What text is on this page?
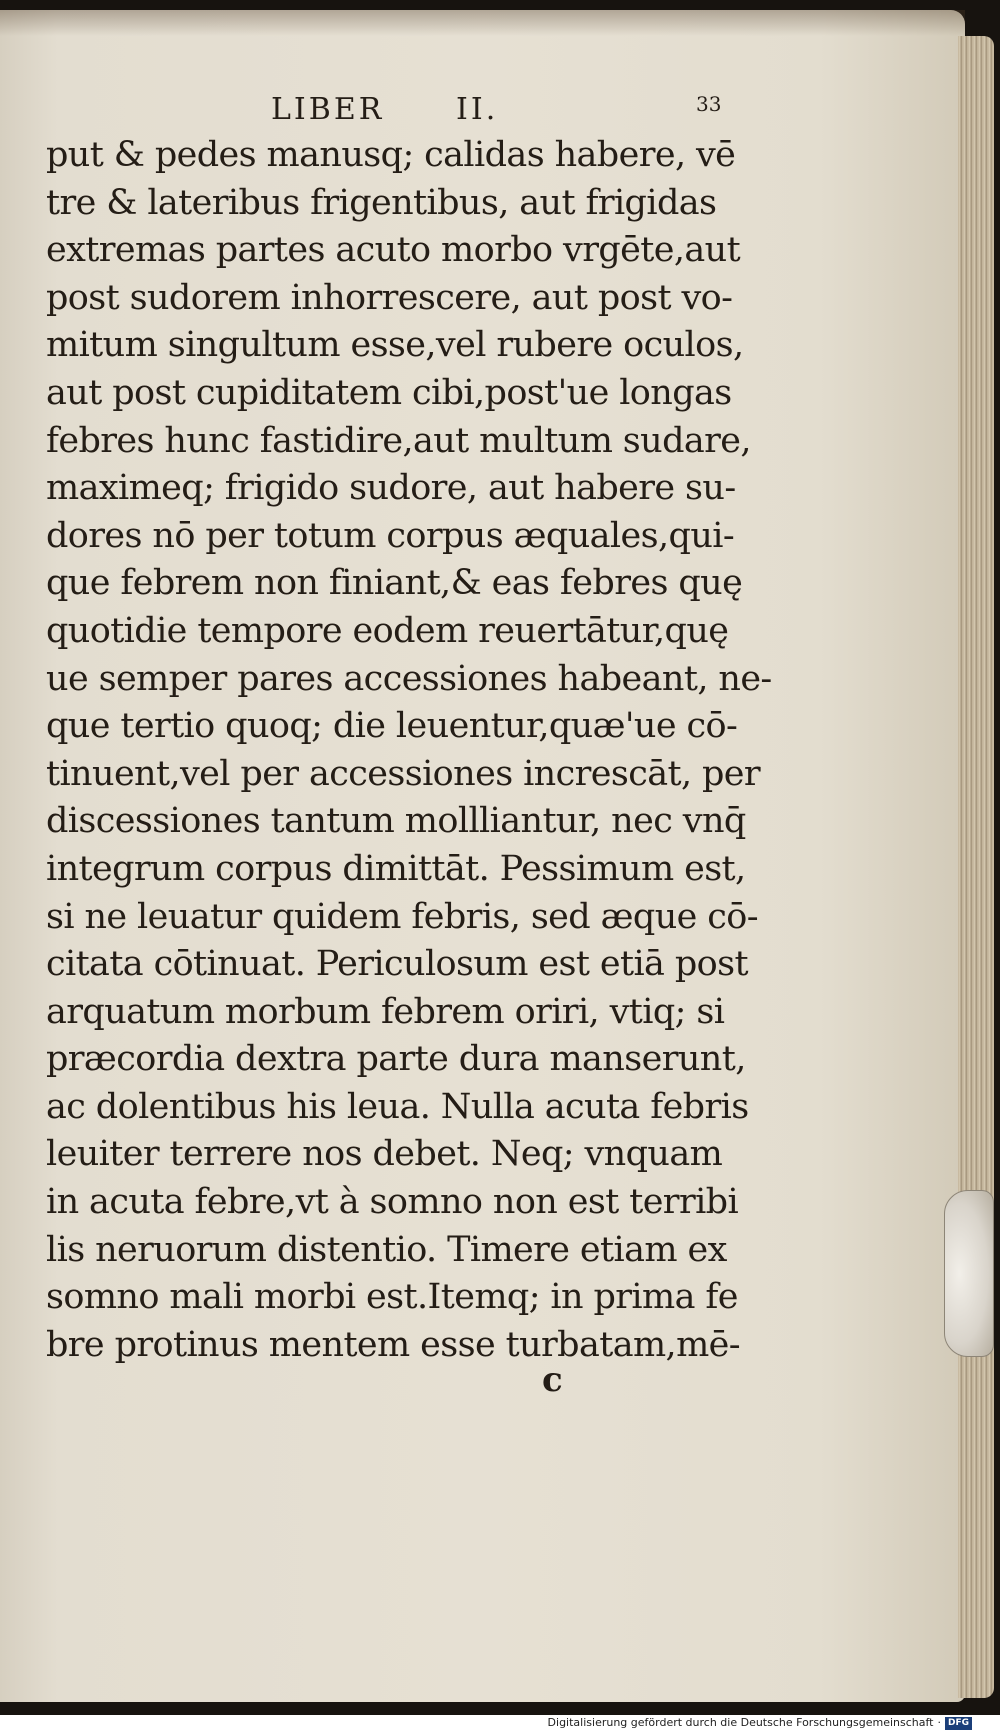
LIBER II.	33
put & pedes manusq; calidas habere, vē
tre & lateribus frigentibus, aut frigidas
extremas partes acuto morbo vrgēte,aut
post sudorem inhorrescere, aut post vo-
mitum singultum esse,vel rubere oculos,
aut post cupiditatem cibi,post'ue longas
febres hunc fastidire,aut multum sudare,
maximeq; frigido sudore, aut habere su-
dores nō per totum corpus æquales,qui-
que febrem non finiant,& eas febres quę
quotidie tempore eodem reuertātur,quę
ue semper pares accessiones habeant, ne-
que tertio quoq; die leuentur,quæ'ue cō-
tinuent,vel per accessiones increscāt, per
discessiones tantum mollliantur, nec vnq̄
integrum corpus dimittāt. Pessimum est,
si ne leuatur quidem febris, sed æque cō-
citata cōtinuat. Periculosum est etiā post
arquatum morbum febrem oriri, vtiq; si
præcordia dextra parte dura manserunt,
ac dolentibus his leua. Nulla acuta febris
leuiter terrere nos debet. Neq; vnquam
in acuta febre,vt à somno non est terribi
lis neruorum distentio. Timere etiam ex
somno mali morbi est.Itemq; in prima fe
bre protinus mentem esse turbatam,mē-
c
Digitalisierung gefördert durch die Deutsche Forschungsgemeinschaft · DFG
